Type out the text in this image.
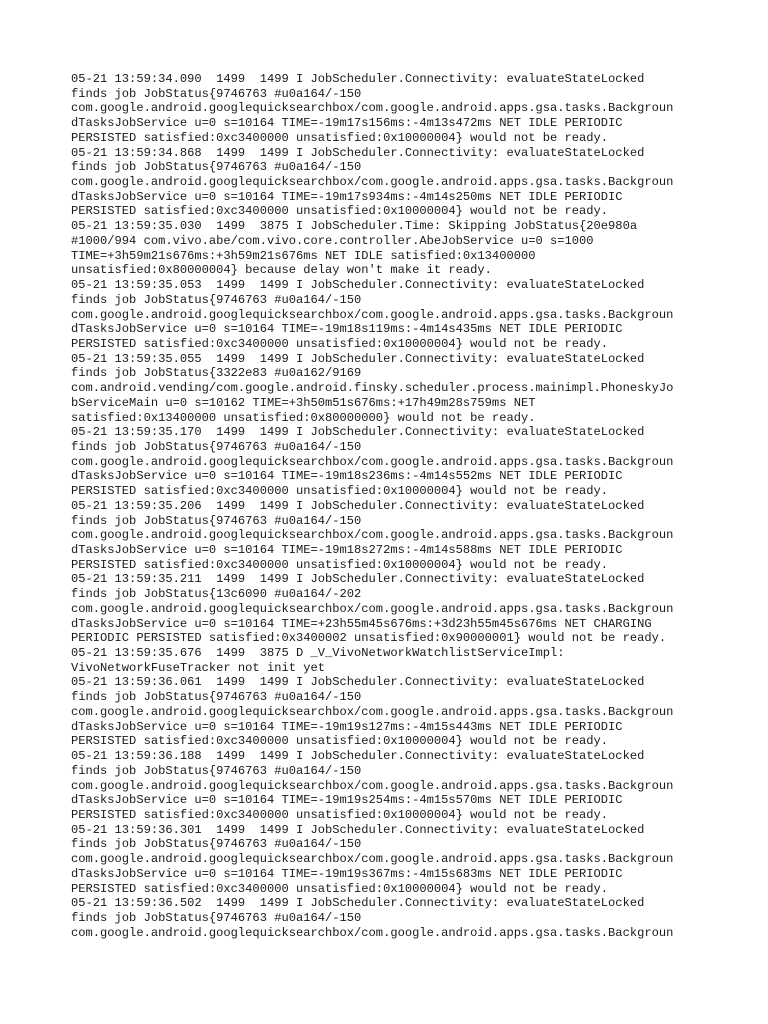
05-21 13:59:34.090  1499  1499 I JobScheduler.Connectivity: evaluateStateLocked
finds job JobStatus{9746763 #u0a164/-150
com.google.android.googlequicksearchbox/com.google.android.apps.gsa.tasks.Backgroun
dTasksJobService u=0 s=10164 TIME=-19m17s156ms:-4m13s472ms NET IDLE PERIODIC
PERSISTED satisfied:0xc3400000 unsatisfied:0x10000004} would not be ready.
05-21 13:59:34.868  1499  1499 I JobScheduler.Connectivity: evaluateStateLocked
finds job JobStatus{9746763 #u0a164/-150
com.google.android.googlequicksearchbox/com.google.android.apps.gsa.tasks.Backgroun
dTasksJobService u=0 s=10164 TIME=-19m17s934ms:-4m14s250ms NET IDLE PERIODIC
PERSISTED satisfied:0xc3400000 unsatisfied:0x10000004} would not be ready.
05-21 13:59:35.030  1499  3875 I JobScheduler.Time: Skipping JobStatus{20e980a
#1000/994 com.vivo.abe/com.vivo.core.controller.AbeJobService u=0 s=1000
TIME=+3h59m21s676ms:+3h59m21s676ms NET IDLE satisfied:0x13400000
unsatisfied:0x80000004} because delay won't make it ready.
05-21 13:59:35.053  1499  1499 I JobScheduler.Connectivity: evaluateStateLocked
finds job JobStatus{9746763 #u0a164/-150
com.google.android.googlequicksearchbox/com.google.android.apps.gsa.tasks.Backgroun
dTasksJobService u=0 s=10164 TIME=-19m18s119ms:-4m14s435ms NET IDLE PERIODIC
PERSISTED satisfied:0xc3400000 unsatisfied:0x10000004} would not be ready.
05-21 13:59:35.055  1499  1499 I JobScheduler.Connectivity: evaluateStateLocked
finds job JobStatus{3322e83 #u0a162/9169
com.android.vending/com.google.android.finsky.scheduler.process.mainimpl.PhoneskyJo
bServiceMain u=0 s=10162 TIME=+3h50m51s676ms:+17h49m28s759ms NET
satisfied:0x13400000 unsatisfied:0x80000000} would not be ready.
05-21 13:59:35.170  1499  1499 I JobScheduler.Connectivity: evaluateStateLocked
finds job JobStatus{9746763 #u0a164/-150
com.google.android.googlequicksearchbox/com.google.android.apps.gsa.tasks.Backgroun
dTasksJobService u=0 s=10164 TIME=-19m18s236ms:-4m14s552ms NET IDLE PERIODIC
PERSISTED satisfied:0xc3400000 unsatisfied:0x10000004} would not be ready.
05-21 13:59:35.206  1499  1499 I JobScheduler.Connectivity: evaluateStateLocked
finds job JobStatus{9746763 #u0a164/-150
com.google.android.googlequicksearchbox/com.google.android.apps.gsa.tasks.Backgroun
dTasksJobService u=0 s=10164 TIME=-19m18s272ms:-4m14s588ms NET IDLE PERIODIC
PERSISTED satisfied:0xc3400000 unsatisfied:0x10000004} would not be ready.
05-21 13:59:35.211  1499  1499 I JobScheduler.Connectivity: evaluateStateLocked
finds job JobStatus{13c6090 #u0a164/-202
com.google.android.googlequicksearchbox/com.google.android.apps.gsa.tasks.Backgroun
dTasksJobService u=0 s=10164 TIME=+23h55m45s676ms:+3d23h55m45s676ms NET CHARGING
PERIODIC PERSISTED satisfied:0x3400002 unsatisfied:0x90000001} would not be ready.
05-21 13:59:35.676  1499  3875 D _V_VivoNetworkWatchlistServiceImpl:
VivoNetworkFuseTracker not init yet
05-21 13:59:36.061  1499  1499 I JobScheduler.Connectivity: evaluateStateLocked
finds job JobStatus{9746763 #u0a164/-150
com.google.android.googlequicksearchbox/com.google.android.apps.gsa.tasks.Backgroun
dTasksJobService u=0 s=10164 TIME=-19m19s127ms:-4m15s443ms NET IDLE PERIODIC
PERSISTED satisfied:0xc3400000 unsatisfied:0x10000004} would not be ready.
05-21 13:59:36.188  1499  1499 I JobScheduler.Connectivity: evaluateStateLocked
finds job JobStatus{9746763 #u0a164/-150
com.google.android.googlequicksearchbox/com.google.android.apps.gsa.tasks.Backgroun
dTasksJobService u=0 s=10164 TIME=-19m19s254ms:-4m15s570ms NET IDLE PERIODIC
PERSISTED satisfied:0xc3400000 unsatisfied:0x10000004} would not be ready.
05-21 13:59:36.301  1499  1499 I JobScheduler.Connectivity: evaluateStateLocked
finds job JobStatus{9746763 #u0a164/-150
com.google.android.googlequicksearchbox/com.google.android.apps.gsa.tasks.Backgroun
dTasksJobService u=0 s=10164 TIME=-19m19s367ms:-4m15s683ms NET IDLE PERIODIC
PERSISTED satisfied:0xc3400000 unsatisfied:0x10000004} would not be ready.
05-21 13:59:36.502  1499  1499 I JobScheduler.Connectivity: evaluateStateLocked
finds job JobStatus{9746763 #u0a164/-150
com.google.android.googlequicksearchbox/com.google.android.apps.gsa.tasks.Backgroun
